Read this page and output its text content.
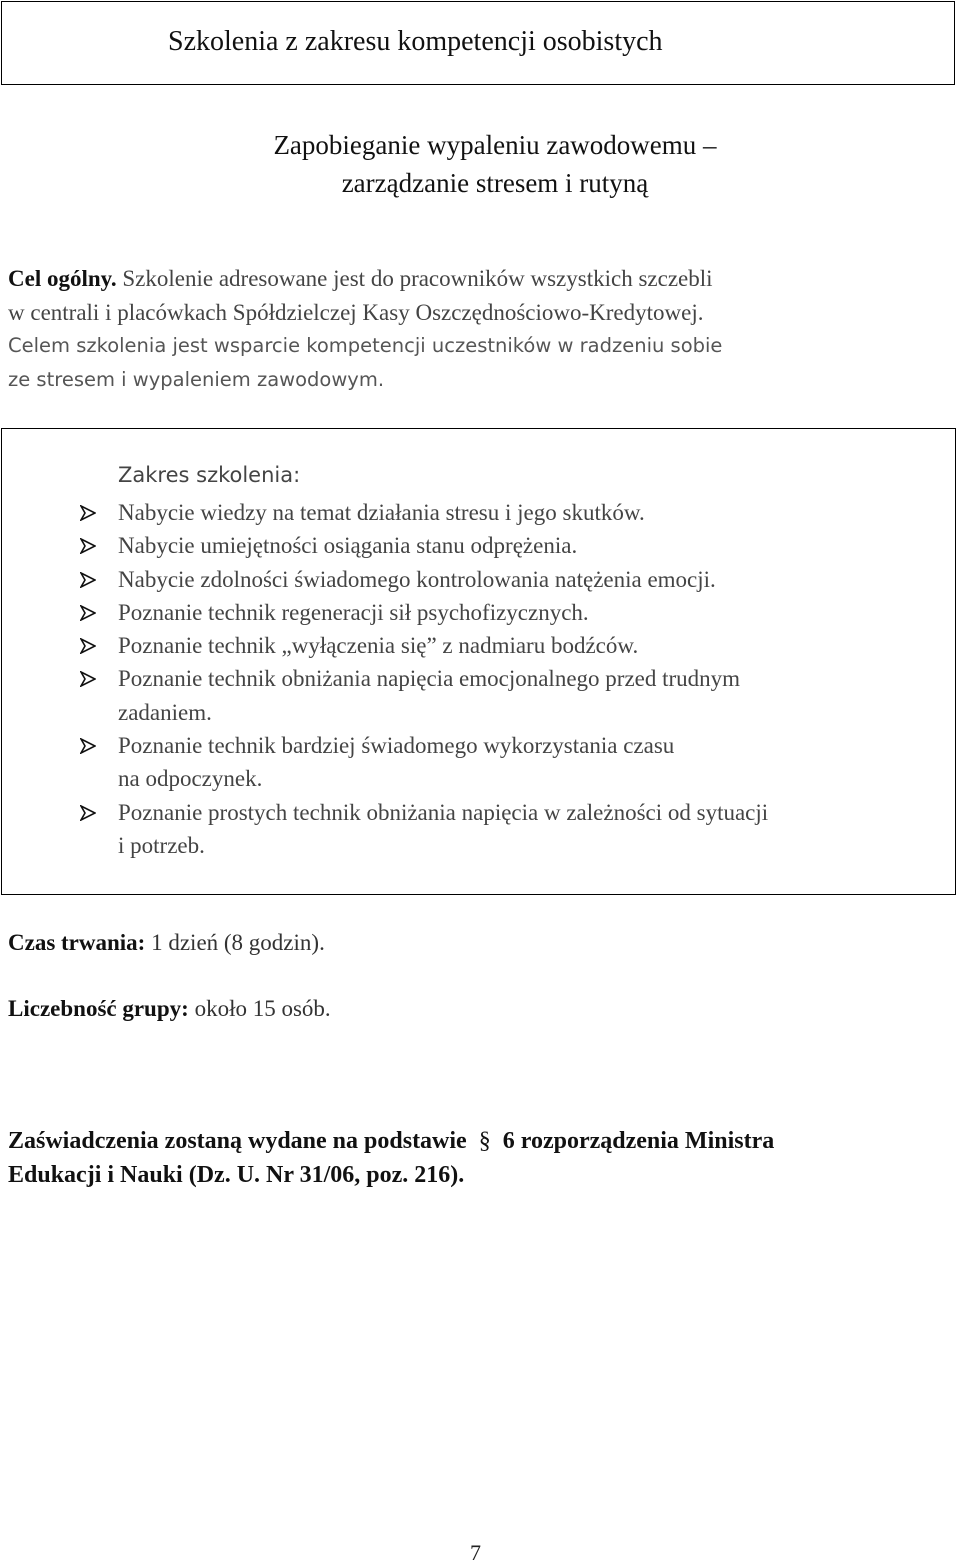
Szkolenia z zakresu kompetencji osobistych
Zapobieganie wypaleniu zawodowemu –
zarządzanie stresem i rutyną
Cel ogólny. Szkolenie adresowane jest do pracowników wszystkich szczebli
w centrali i placówkach Spółdzielczej Kasy Oszczędnościowo-Kredytowej.
Celem szkolenia jest wsparcie kompetencji uczestników w radzeniu sobie
ze stresem i wypaleniem zawodowym.
Zakres szkolenia:
Nabycie wiedzy na temat działania stresu i jego skutków.
Nabycie umiejętności osiągania stanu odprężenia.
Nabycie zdolności świadomego kontrolowania natężenia emocji.
Poznanie technik regeneracji sił psychofizycznych.
Poznanie technik „wyłączenia się” z nadmiaru bodźców.
Poznanie technik obniżania napięcia emocjonalnego przed trudnym
zadaniem.
Poznanie technik bardziej świadomego wykorzystania czasu
na odpoczynek.
Poznanie prostych technik obniżania napięcia w zależności od sytuacji
i potrzeb.
Czas trwania: 1 dzień (8 godzin).
Liczebność grupy: około 15 osób.
Zaświadczenia zostaną wydane na podstawie § 6 rozporządzenia Ministra
Edukacji i Nauki (Dz. U. Nr 31/06, poz. 216).
7
